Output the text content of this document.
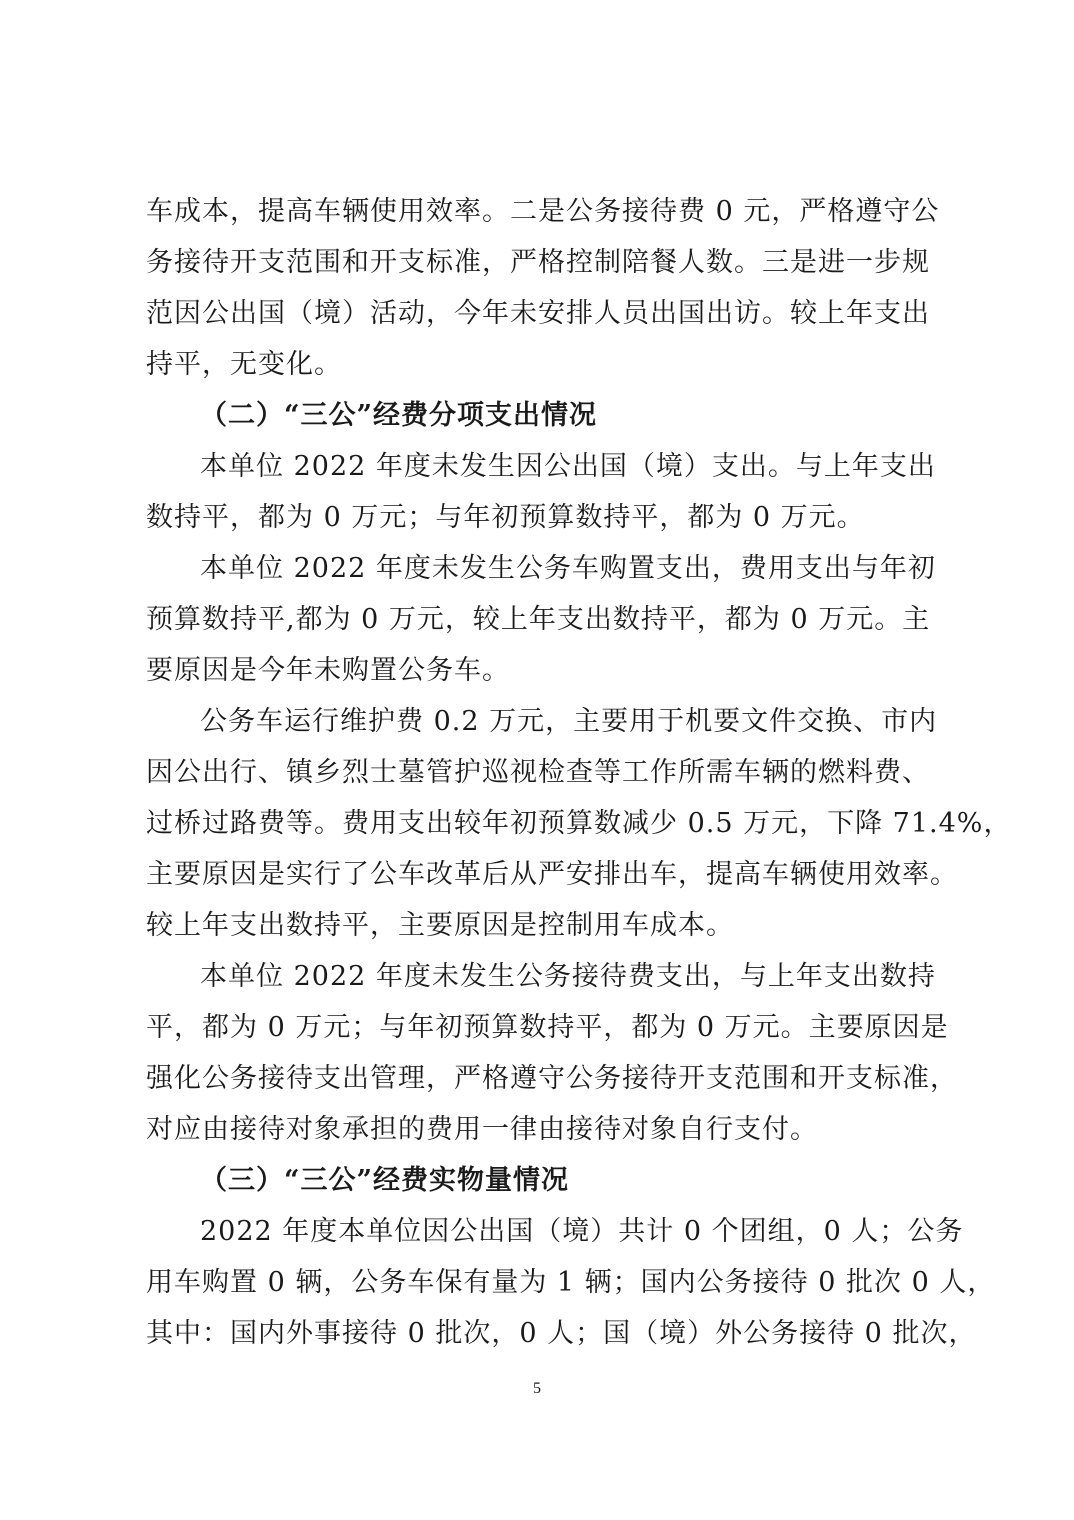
车成本，提高车辆使用效率。二是公务接待费 0 元，严格遵守公
务接待开支范围和开支标准，严格控制陪餐人数。三是进一步规
范因公出国（境）活动，今年未安排人员出国出访。较上年支出
持平，无变化。
（二）“三公”经费分项支出情况
本单位 2022 年度未发生因公出国（境）支出。与上年支出
数持平，都为 0 万元；与年初预算数持平，都为 0 万元。
本单位 2022 年度未发生公务车购置支出，费用支出与年初
预算数持平,都为 0 万元，较上年支出数持平，都为 0 万元。主
要原因是今年未购置公务车。
公务车运行维护费 0.2 万元，主要用于机要文件交换、市内
因公出行、镇乡烈士墓管护巡视检查等工作所需车辆的燃料费、
过桥过路费等。费用支出较年初预算数减少 0.5 万元，下降 71.4%，
主要原因是实行了公车改革后从严安排出车，提高车辆使用效率。
较上年支出数持平，主要原因是控制用车成本。
本单位 2022 年度未发生公务接待费支出，与上年支出数持
平，都为 0 万元；与年初预算数持平，都为 0 万元。主要原因是
强化公务接待支出管理，严格遵守公务接待开支范围和开支标准，
对应由接待对象承担的费用一律由接待对象自行支付。
（三）“三公”经费实物量情况
2022 年度本单位因公出国（境）共计 0 个团组，0 人；公务
用车购置 0 辆，公务车保有量为 1 辆；国内公务接待 0 批次 0 人，
其中：国内外事接待 0 批次，0 人；国（境）外公务接待 0 批次，
5
